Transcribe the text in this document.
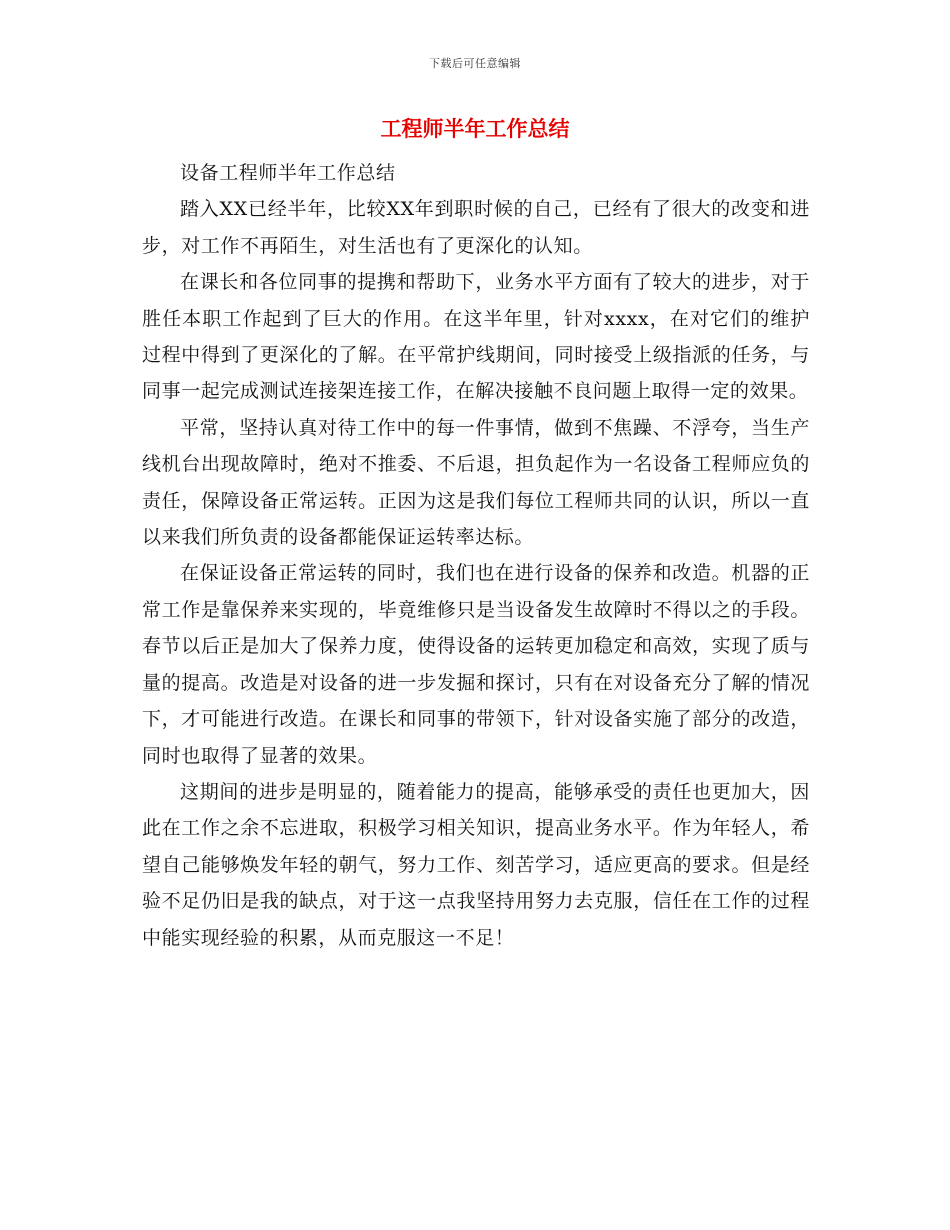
下载后可任意编辑
工程师半年工作总结

设备工程师半年工作总结

踏入XX已经半年，比较XX年到职时候的自己，已经有了很大的改变和进步，对工作不再陌生，对生活也有了更深化的认知。

在课长和各位同事的提携和帮助下，业务水平方面有了较大的进步，对于胜任本职工作起到了巨大的作用。在这半年里，针对xxxx，在对它们的维护过程中得到了更深化的了解。在平常护线期间，同时接受上级指派的任务，与同事一起完成测试连接架连接工作，在解决接触不良问题上取得一定的效果。

平常，坚持认真对待工作中的每一件事情，做到不焦躁、不浮夸，当生产线机台出现故障时，绝对不推委、不后退，担负起作为一名设备工程师应负的责任，保障设备正常运转。正因为这是我们每位工程师共同的认识，所以一直以来我们所负责的设备都能保证运转率达标。

在保证设备正常运转的同时，我们也在进行设备的保养和改造。机器的正常工作是靠保养来实现的，毕竟维修只是当设备发生故障时不得以之的手段。春节以后正是加大了保养力度，使得设备的运转更加稳定和高效，实现了质与量的提高。改造是对设备的进一步发掘和探讨，只有在对设备充分了解的情况下，才可能进行改造。在课长和同事的带领下，针对设备实施了部分的改造，同时也取得了显著的效果。

这期间的进步是明显的，随着能力的提高，能够承受的责任也更加大，因此在工作之余不忘进取，积极学习相关知识，提高业务水平。作为年轻人，希望自己能够焕发年轻的朝气，努力工作、刻苦学习，适应更高的要求。但是经验不足仍旧是我的缺点，对于这一点我坚持用努力去克服，信任在工作的过程中能实现经验的积累，从而克服这一不足！
